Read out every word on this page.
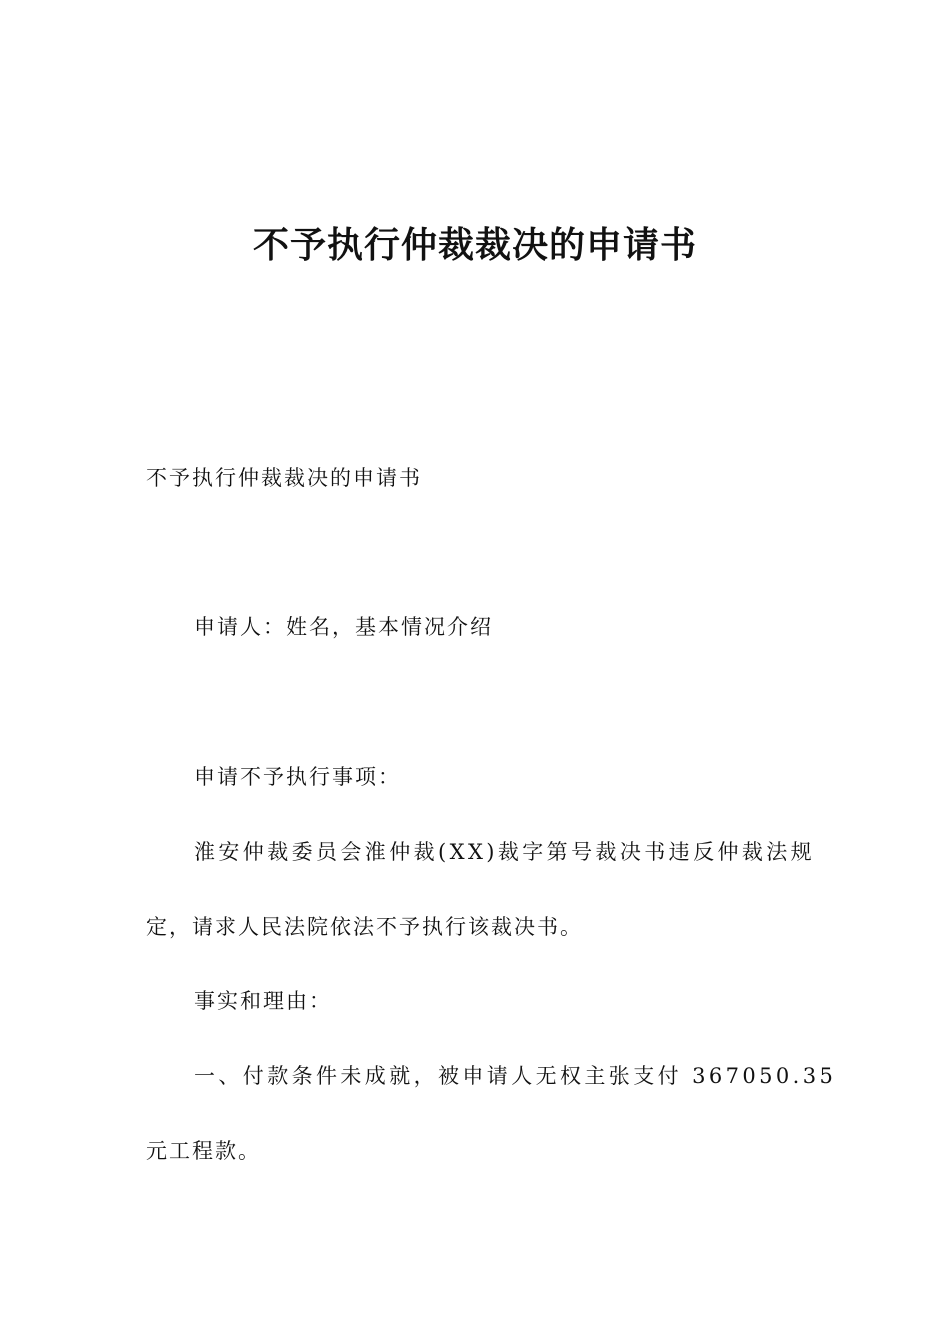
不予执行仲裁裁决的申请书

不予执行仲裁裁决的申请书

申请人：姓名，基本情况介绍

申请不予执行事项：

淮安仲裁委员会淮仲裁(XX)裁字第号裁决书违反仲裁法规

定，请求人民法院依法不予执行该裁决书。

事实和理由：

一、付款条件未成就，被申请人无权主张支付 367050.35

元工程款。
